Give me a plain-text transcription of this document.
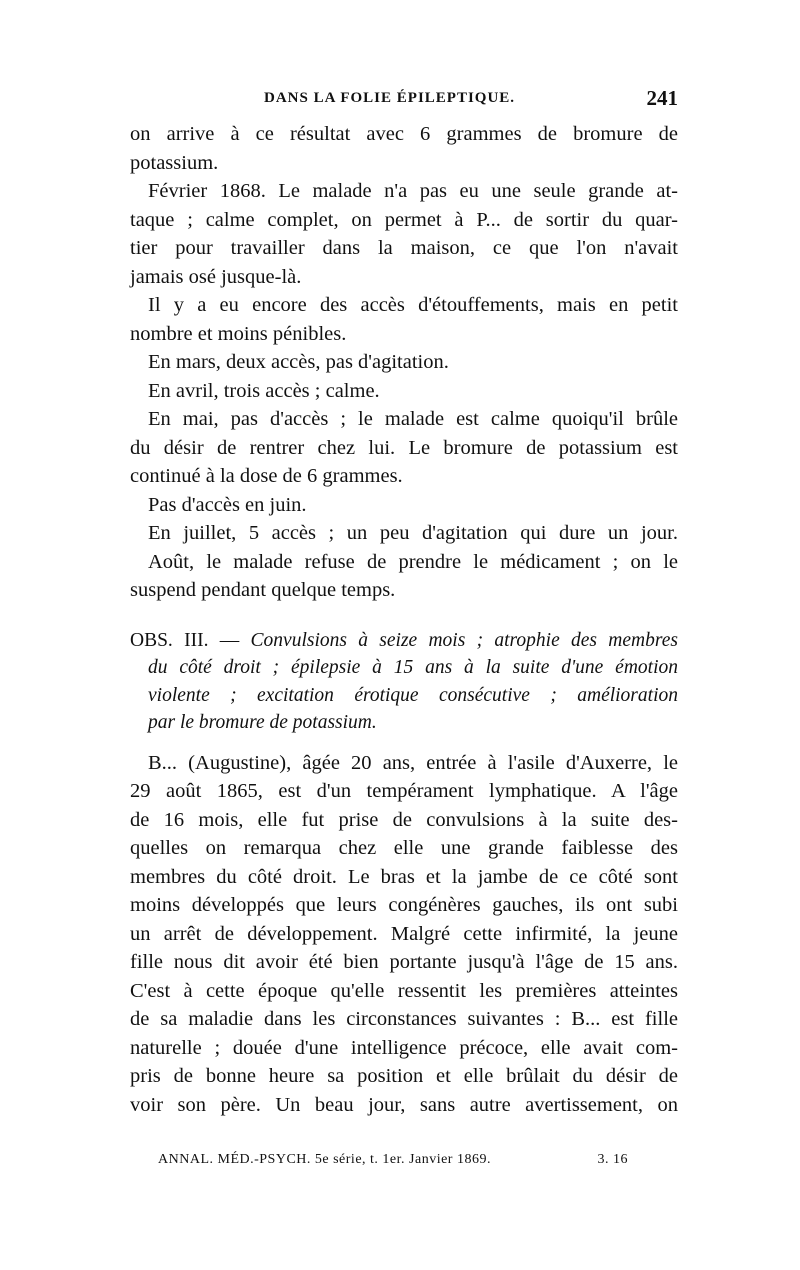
DANS LA FOLIE ÉPILEPTIQUE.	241
on arrive à ce résultat avec 6 grammes de bromure de
potassium.
Février 1868. Le malade n'a pas eu une seule grande at-
taque ; calme complet, on permet à P... de sortir du quar-
tier pour travailler dans la maison, ce que l'on n'avait
jamais osé jusque-là.
Il y a eu encore des accès d'étouffements, mais en petit
nombre et moins pénibles.
En mars, deux accès, pas d'agitation.
En avril, trois accès ; calme.
En mai, pas d'accès ; le malade est calme quoiqu'il brûle
du désir de rentrer chez lui. Le bromure de potassium est
continué à la dose de 6 grammes.
Pas d'accès en juin.
En juillet, 5 accès ; un peu d'agitation qui dure un jour.
Août, le malade refuse de prendre le médicament ; on le
suspend pendant quelque temps.
OBS. III. — Convulsions à seize mois ; atrophie des membres
du côté droit ; épilepsie à 15 ans à la suite d'une émotion
violente ; excitation érotique consécutive ; amélioration
par le bromure de potassium.
B... (Augustine), âgée 20 ans, entrée à l'asile d'Auxerre, le
29 août 1865, est d'un tempérament lymphatique. A l'âge
de 16 mois, elle fut prise de convulsions à la suite des-
quelles on remarqua chez elle une grande faiblesse des
membres du côté droit. Le bras et la jambe de ce côté sont
moins développés que leurs congénères gauches, ils ont subi
un arrêt de développement. Malgré cette infirmité, la jeune
fille nous dit avoir été bien portante jusqu'à l'âge de 15 ans.
C'est à cette époque qu'elle ressentit les premières atteintes
de sa maladie dans les circonstances suivantes : B... est fille
naturelle ; douée d'une intelligence précoce, elle avait com-
pris de bonne heure sa position et elle brûlait du désir de
voir son père. Un beau jour, sans autre avertissement, on
ANNAL. MÉD.-PSYCH. 5e série, t. 1er. Janvier 1869.	3. 16
